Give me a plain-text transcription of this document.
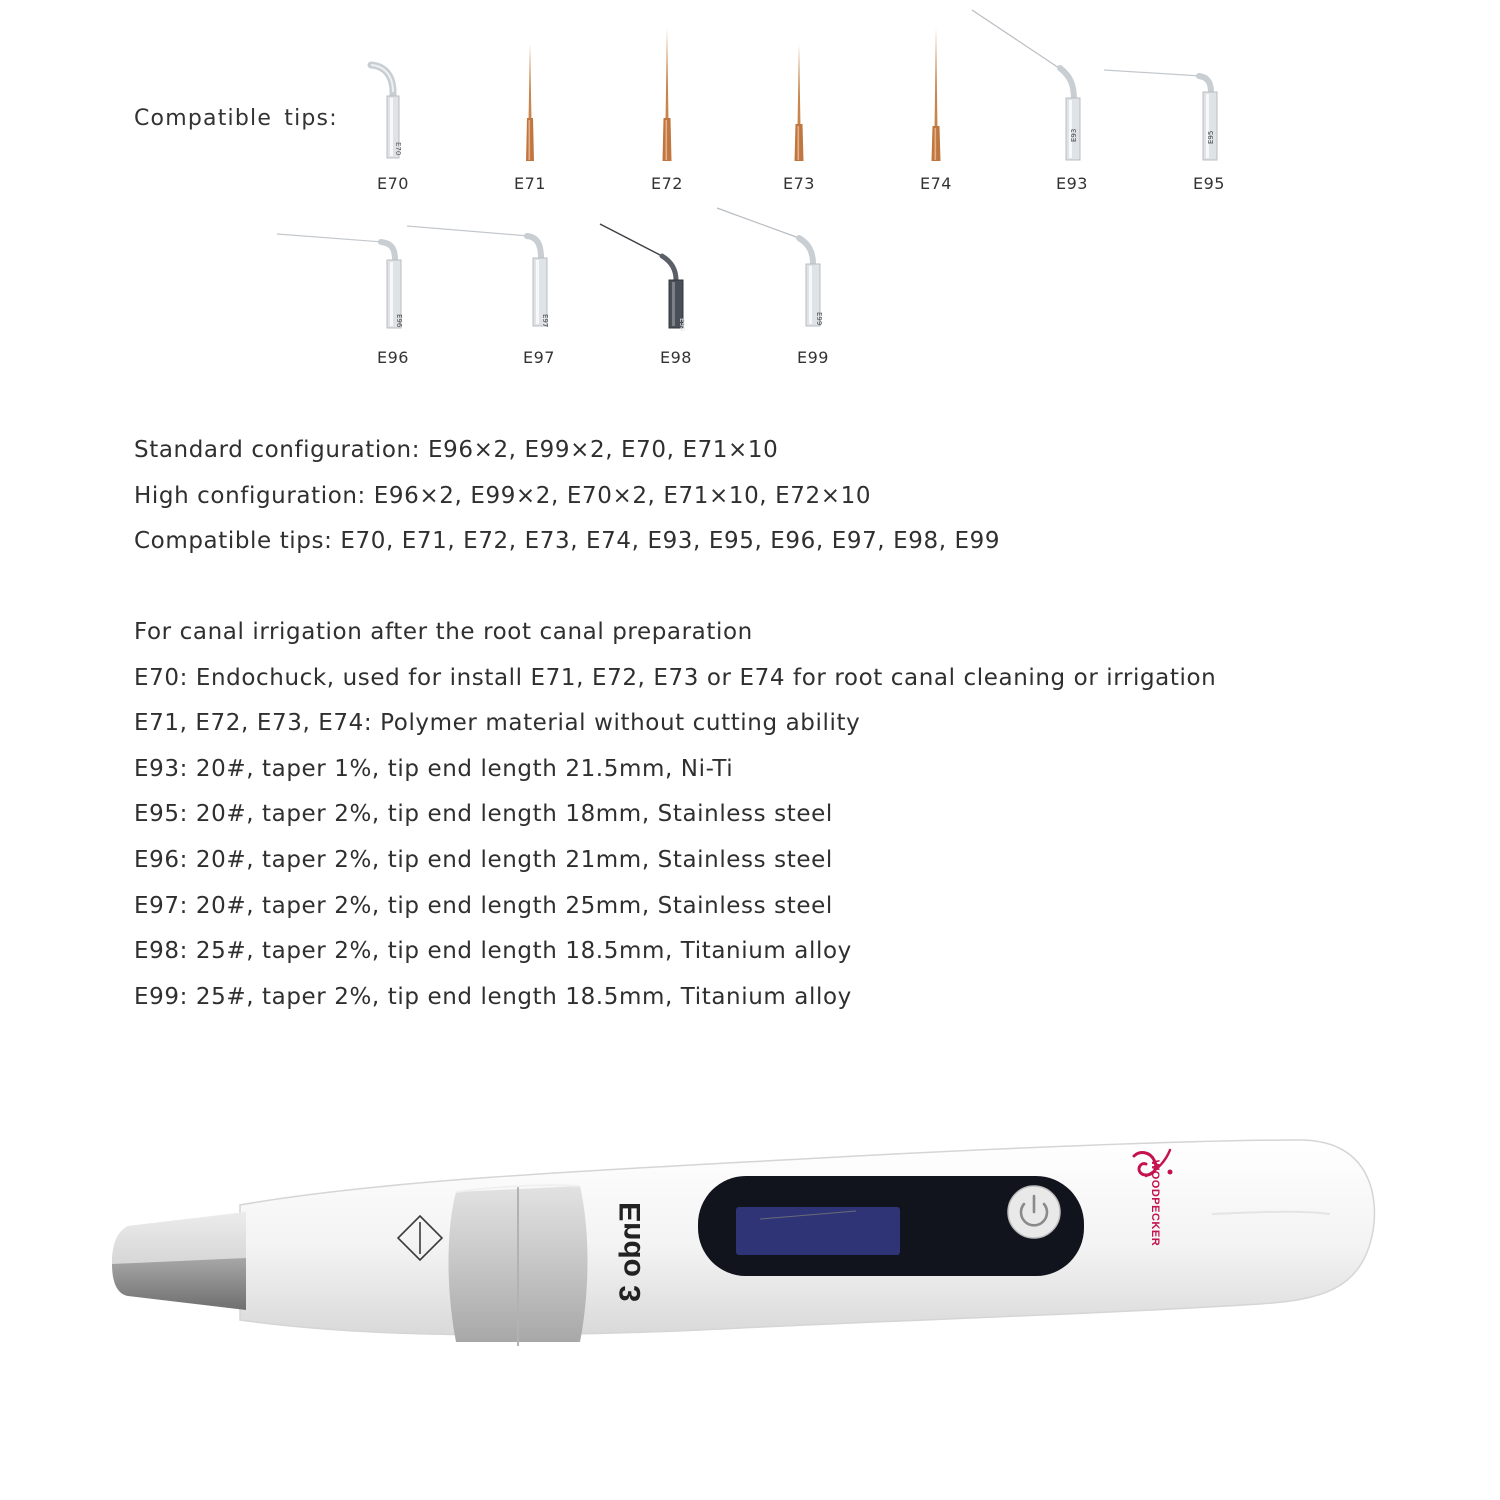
Compatible tips:
E70
E70	E71	E72	E73	E74
E93
E93
E95
E95
E96
E96
E97
E97
E98
E98
E99
E99
Standard configuration: E96×2, E99×2, E70, E71×10
High configuration: E96×2, E99×2, E70×2, E71×10, E72×10
Compatible tips: E70, E71, E72, E73, E74, E93, E95, E96, E97, E98, E99
For canal irrigation after the root canal preparation
E70: Endochuck, used for install E71, E72, E73 or E74 for root canal cleaning or irrigation
E71, E72, E73, E74: Polymer material without cutting ability
E93: 20#, taper 1%, tip end length 21.5mm, Ni-Ti
E95: 20#, taper 2%, tip end length 18mm, Stainless steel
E96: 20#, taper 2%, tip end length 21mm, Stainless steel
E97: 20#, taper 2%, tip end length 25mm, Stainless steel
E98: 25#, taper 2%, tip end length 18.5mm, Titanium alloy
E99: 25#, taper 2%, tip end length 18.5mm, Titanium alloy
Endo 3	WOODPECKER
